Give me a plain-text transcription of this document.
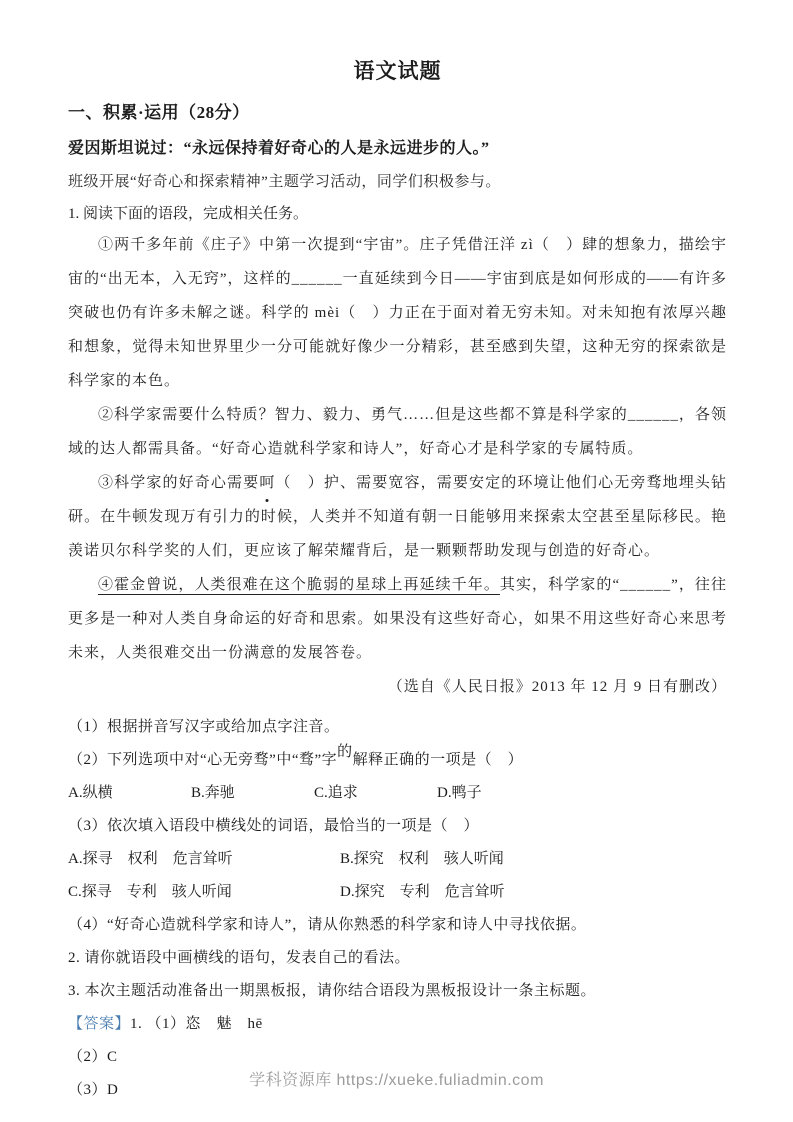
语文试题
一、积累·运用（28分）
爱因斯坦说过：“永远保持着好奇心的人是永远进步的人。”
班级开展“好奇心和探索精神”主题学习活动，同学们积极参与。
1. 阅读下面的语段，完成相关任务。

①两千多年前《庄子》中第一次提到“宇宙”。庄子凭借汪洋 zì（　）肆的想象力，描绘宇宙的“出无本，入无窍”，这样的______一直延续到今日——宇宙到底是如何形成的——有许多突破也仍有许多未解之谜。科学的 mèi（　）力正在于面对着无穷未知。对未知抱有浓厚兴趣和想象，觉得未知世界里少一分可能就好像少一分精彩，甚至感到失望，这种无穷的探索欲是科学家的本色。

②科学家需要什么特质？智力、毅力、勇气……但是这些都不算是科学家的______，各领域的达人都需具备。“好奇心造就科学家和诗人”，好奇心才是科学家的专属特质。

③科学家的好奇心需要呵（　）护、需要宽容，需要安定的环境让他们心无旁骛地埋头钻研。在牛顿发现万有引力的时候，人类并不知道有朝一日能够用来探索太空甚至星际移民。艳羡诺贝尔科学奖的人们，更应该了解荣耀背后，是一颗颗帮助发现与创造的好奇心。

④霍金曾说，人类很难在这个脆弱的星球上再延续千年。其实，科学家的“______”，往往更多是一种对人类自身命运的好奇和思索。如果没有这些好奇心，如果不用这些好奇心来思考未来，人类很难交出一份满意的发展答卷。

（选自《人民日报》2013 年 12 月 9 日有删改）
（1）根据拼音写汉字或给加点字注音。
（2）下列选项中对“心无旁骛”中“骛”字的解释正确的一项是（　）
A.纵横	B.奔驰	C.追求	D.鸭子
（3）依次填入语段中横线处的词语，最恰当的一项是（　）
A.探寻　权利　危言耸听	B.探究　权利　骇人听闻
C.探寻　专利　骇人听闻	D.探究　专利　危言耸听
（4）“好奇心造就科学家和诗人”，请从你熟悉的科学家和诗人中寻找依据。
2. 请你就语段中画横线的语句，发表自己的看法。
3. 本次主题活动准备出一期黑板报，请你结合语段为黑板报设计一条主标题。
【答案】1. （1）恣　魅　hē
（2）C
（3）D
学科资源库 https://xueke.fuliadmin.com
